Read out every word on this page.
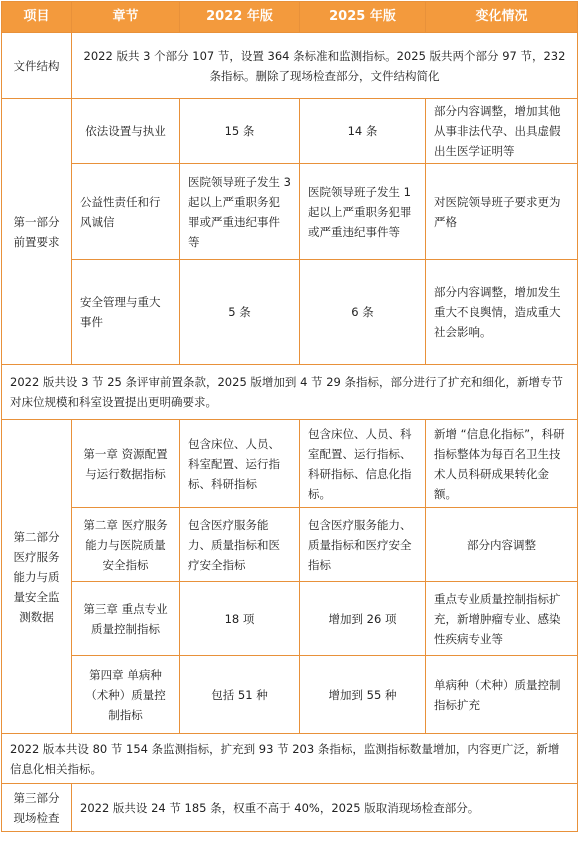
项目	章节	2022 年版	2025 年版	变化情况
文件结构	2022 版共 3 个部分 107 节，设置 364 条标准和监测指标。2025 版共两个部分 97 节，232 条指标。删除了现场检查部分，文件结构简化			
第一部分前置要求	依法设置与执业	15 条	14 条	部分内容调整，增加其他从事非法代孕、出具虚假出生医学证明等
	公益性责任和行风诚信	医院领导班子发生 3 起以上严重职务犯罪或严重违纪事件等	医院领导班子发生 1 起以上严重职务犯罪或严重违纪事件等	对医院领导班子要求更为严格
	安全管理与重大事件	5 条	6 条	部分内容调整，增加发生重大不良舆情，造成重大社会影响。
2022 版共设 3 节 25 条评审前置条款，2025 版增加到 4 节 29 条指标，部分进行了扩充和细化，新增专节对床位规模和科室设置提出更明确要求。				
第二部分医疗服务能力与质量安全监测数据	第一章 资源配置与运行数据指标	包含床位、人员、科室配置、运行指标、科研指标	包含床位、人员、科室配置、运行指标、科研指标、信息化指标。	新增 “信息化指标”，科研指标整体为每百名卫生技术人员科研成果转化金额。
	第二章 医疗服务能力与医院质量安全指标	包含医疗服务能力、质量指标和医疗安全指标	包含医疗服务能力、质量指标和医疗安全指标	部分内容调整
	第三章 重点专业质量控制指标	18 项	增加到 26 项	重点专业质量控制指标扩充，新增肿瘤专业、感染性疾病专业等
	第四章 单病种（术种）质量控制指标	包括 51 种	增加到 55 种	单病种（术种）质量控制指标扩充
2022 版本共设 80 节 154 条监测指标，扩充到 93 节 203 条指标，监测指标数量增加，内容更广泛，新增信息化相关指标。				
第三部分现场检查	2022 版共设 24 节 185 条，权重不高于 40%，2025 版取消现场检查部分。			
